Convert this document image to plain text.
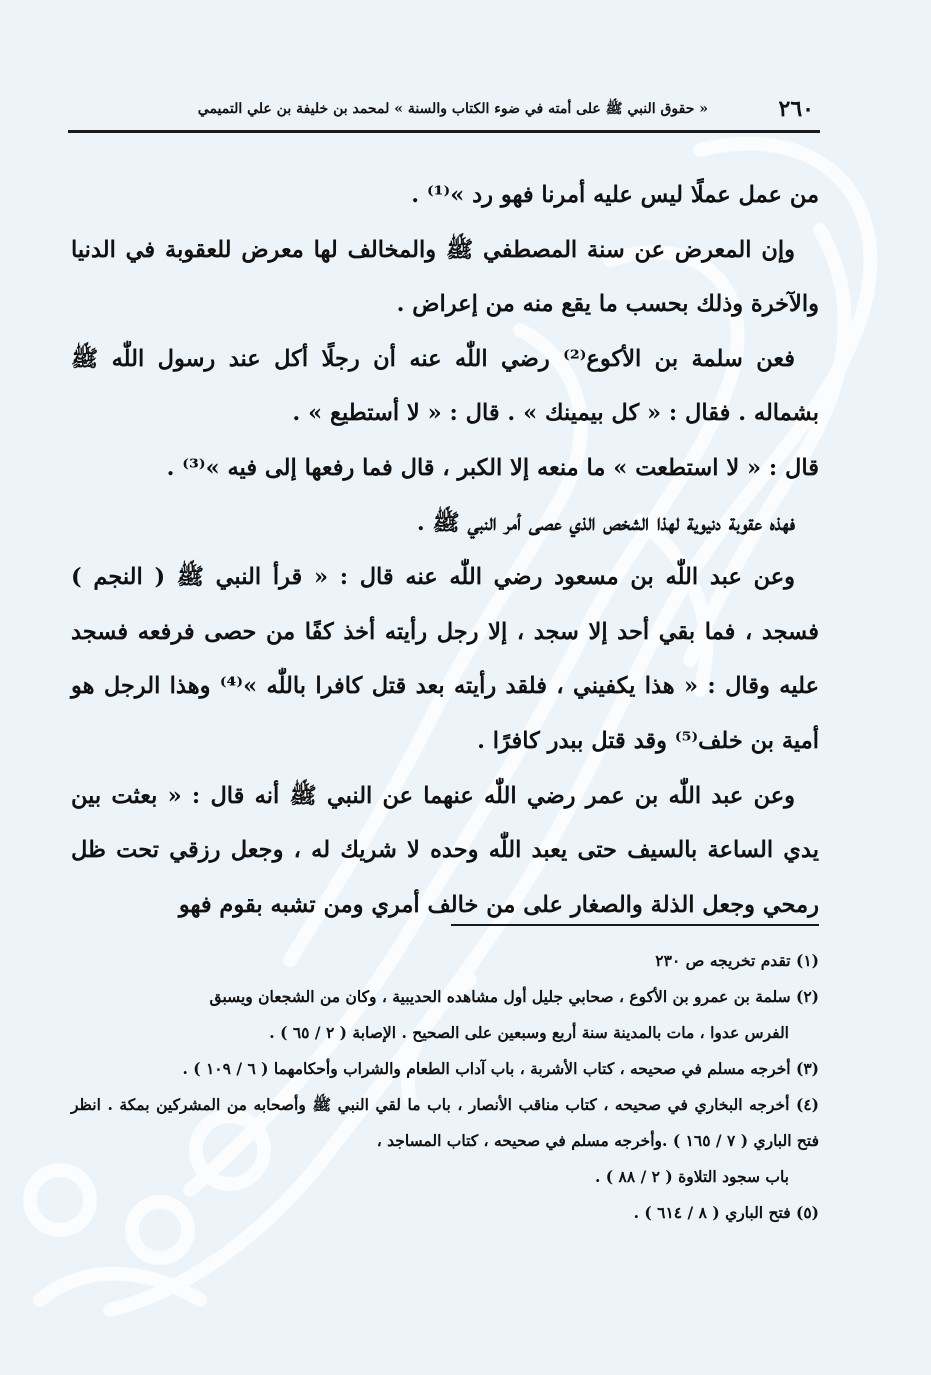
٢٦٠
« حقوق النبي ﷺ على أمته في ضوء الكتاب والسنة » لمحمد بن خليفة بن علي التميمي

من عمل عملًا ليس عليه أمرنا فهو رد »⁽¹⁾ .

وإن المعرض عن سنة المصطفي ﷺ والمخالف لها معرض للعقوبة في الدنيا والآخرة وذلك بحسب ما يقع منه من إعراض .

فعن سلمة بن الأكوع⁽²⁾ رضي اللّٰه عنه أن رجلًا أكل عند رسول اللّٰه ﷺ بشماله . فقال : « كل بيمينك » . قال : « لا أستطيع » .

قال : « لا استطعت » ما منعه إلا الكبر ، قال فما رفعها إلى فيه »⁽³⁾ .

فهذه عقوبة دنيوية لهذا الشخص الذي عصى أمر النبي ﷺ .

وعن عبد اللّٰه بن مسعود رضي اللّٰه عنه قال : « قرأ النبي ﷺ ( النجم ) فسجد ، فما بقي أحد إلا سجد ، إلا رجل رأيته أخذ كفًا من حصى فرفعه فسجد عليه وقال : « هذا يكفيني ، فلقد رأيته بعد قتل كافرا باللّٰه »⁽⁴⁾ وهذا الرجل هو أمية بن خلف⁽⁵⁾ وقد قتل ببدر كافرًا .

وعن عبد اللّٰه بن عمر رضي اللّٰه عنهما عن النبي ﷺ أنه قال : « بعثت بين يدي الساعة بالسيف حتى يعبد اللّٰه وحده لا شريك له ، وجعل رزقي تحت ظل رمحي وجعل الذلة والصغار على من خالف أمري ومن تشبه بقوم فهو

(١) تقدم تخريجه ص ٢٣٠

(٢) سلمة بن عمرو بن الأكوع ، صحابي جليل أول مشاهده الحديبية ، وكان من الشجعان ويسبق

الفرس عدوا ، مات بالمدينة سنة أربع وسبعين على الصحيح . الإصابة ( ٢ / ٦٥ ) .

(٣) أخرجه مسلم في صحيحه ، كتاب الأشربة ، باب آداب الطعام والشراب وأحكامهما ( ٦ / ١٠٩ ) .

(٤) أخرجه البخاري في صحيحه ، كتاب مناقب الأنصار ، باب ما لقي النبي ﷺ وأصحابه من المشركين بمكة . انظر فتح الباري ( ٧ / ١٦٥ ) .وأخرجه مسلم في صحيحه ، كتاب المساجد ،

باب سجود التلاوة ( ٢ / ٨٨ ) .

(٥) فتح الباري ( ٨ / ٦١٤ ) .
